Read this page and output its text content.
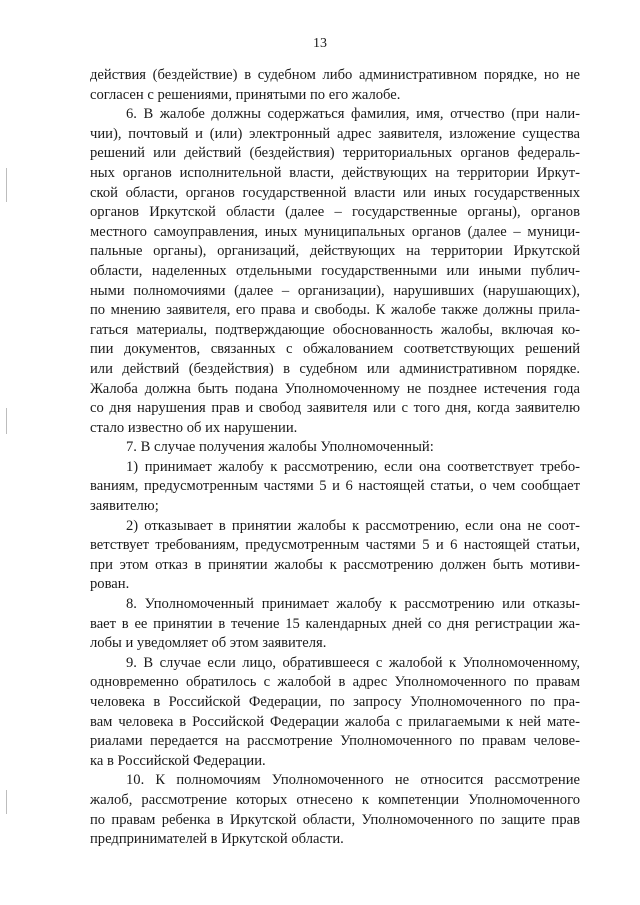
13
действия (бездействие) в судебном либо административном порядке, но не
согласен с решениями, принятыми по его жалобе.
6. В жалобе должны содержаться фамилия, имя, отчество (при нали-
чии), почтовый и (или) электронный адрес заявителя, изложение существа
решений или действий (бездействия) территориальных органов федераль-
ных органов исполнительной власти, действующих на территории Иркут-
ской области, органов государственной власти или иных государственных
органов Иркутской области (далее – государственные органы), органов
местного самоуправления, иных муниципальных органов (далее – муници-
пальные органы), организаций, действующих на территории Иркутской
области, наделенных отдельными государственными или иными публич-
ными полномочиями (далее – организации), нарушивших (нарушающих),
по мнению заявителя, его права и свободы. К жалобе также должны прила-
гаться материалы, подтверждающие обоснованность жалобы, включая ко-
пии документов, связанных с обжалованием соответствующих решений
или действий (бездействия) в судебном или административном порядке.
Жалоба должна быть подана Уполномоченному не позднее истечения года
со дня нарушения прав и свобод заявителя или с того дня, когда заявителю
стало известно об их нарушении.
7. В случае получения жалобы Уполномоченный:
1) принимает жалобу к рассмотрению, если она соответствует требо-
ваниям, предусмотренным частями 5 и 6 настоящей статьи, о чем сообщает
заявителю;
2) отказывает в принятии жалобы к рассмотрению, если она не соот-
ветствует требованиям, предусмотренным частями 5 и 6 настоящей статьи,
при этом отказ в принятии жалобы к рассмотрению должен быть мотиви-
рован.
8. Уполномоченный принимает жалобу к рассмотрению или отказы-
вает в ее принятии в течение 15 календарных дней со дня регистрации жа-
лобы и уведомляет об этом заявителя.
9. В случае если лицо, обратившееся с жалобой к Уполномоченному,
одновременно обратилось с жалобой в адрес Уполномоченного по правам
человека в Российской Федерации, по запросу Уполномоченного по пра-
вам человека в Российской Федерации жалоба с прилагаемыми к ней мате-
риалами передается на рассмотрение Уполномоченного по правам челове-
ка в Российской Федерации.
10. К полномочиям Уполномоченного не относится рассмотрение
жалоб, рассмотрение которых отнесено к компетенции Уполномоченного
по правам ребенка в Иркутской области, Уполномоченного по защите прав
предпринимателей в Иркутской области.
